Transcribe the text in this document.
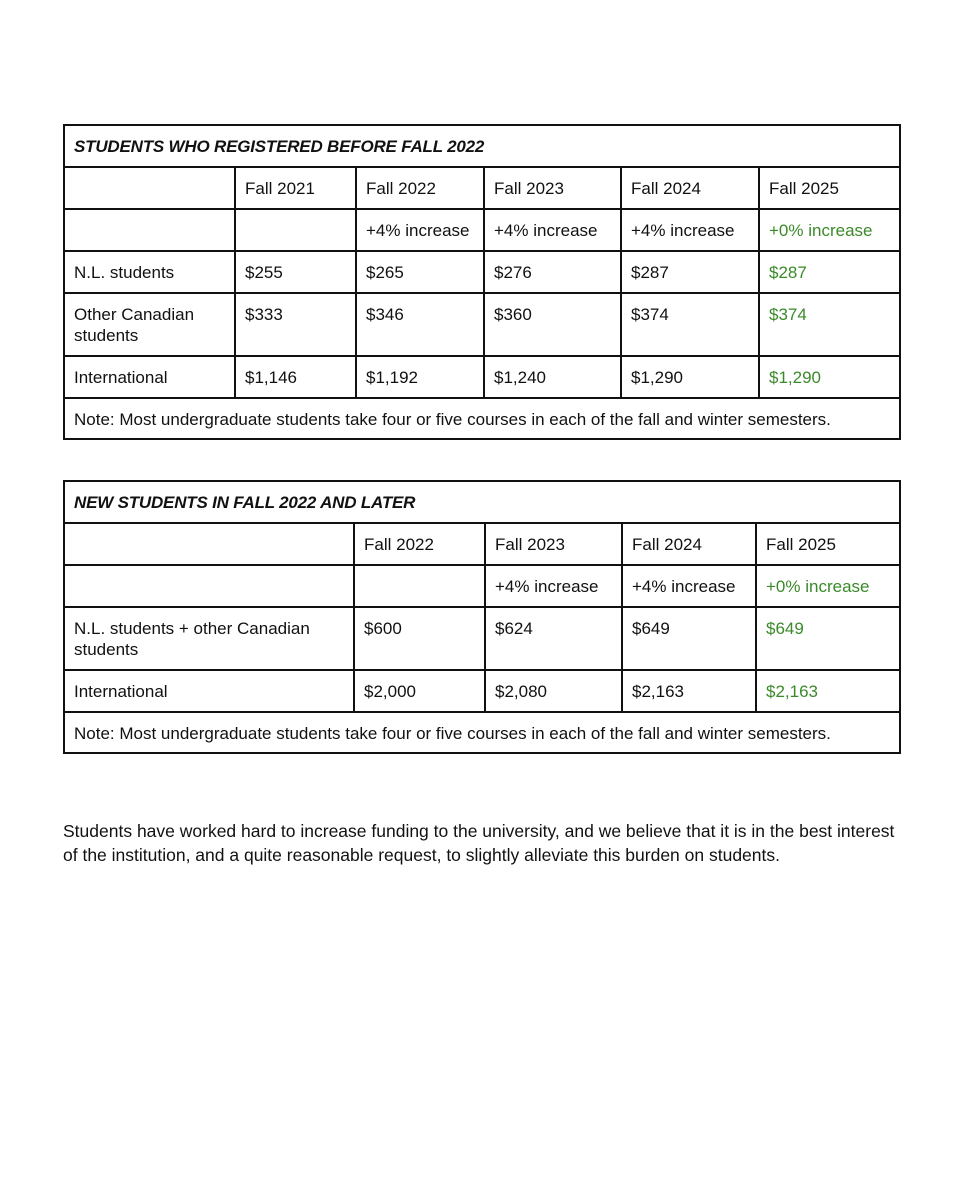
STUDENTS WHO REGISTERED BEFORE FALL 2022					
	Fall 2021	Fall 2022	Fall 2023	Fall 2024	Fall 2025
		+4% increase	+4% increase	+4% increase	+0% increase
N.L. students	$255	$265	$276	$287	$287
Other Canadian students	$333	$346	$360	$374	$374
International	$1,146	$1,192	$1,240	$1,290	$1,290
Note: Most undergraduate students take four or five courses in each of the fall and winter semesters.					
NEW STUDENTS IN FALL 2022 AND LATER				
	Fall 2022	Fall 2023	Fall 2024	Fall 2025
		+4% increase	+4% increase	+0% increase
N.L. students + other Canadian students	$600	$624	$649	$649
International	$2,000	$2,080	$2,163	$2,163
Note: Most undergraduate students take four or five courses in each of the fall and winter semesters.				

Students have worked hard to increase funding to the university, and we believe that it is in the best interest of the institution, and a quite reasonable request, to slightly alleviate this burden on students.
